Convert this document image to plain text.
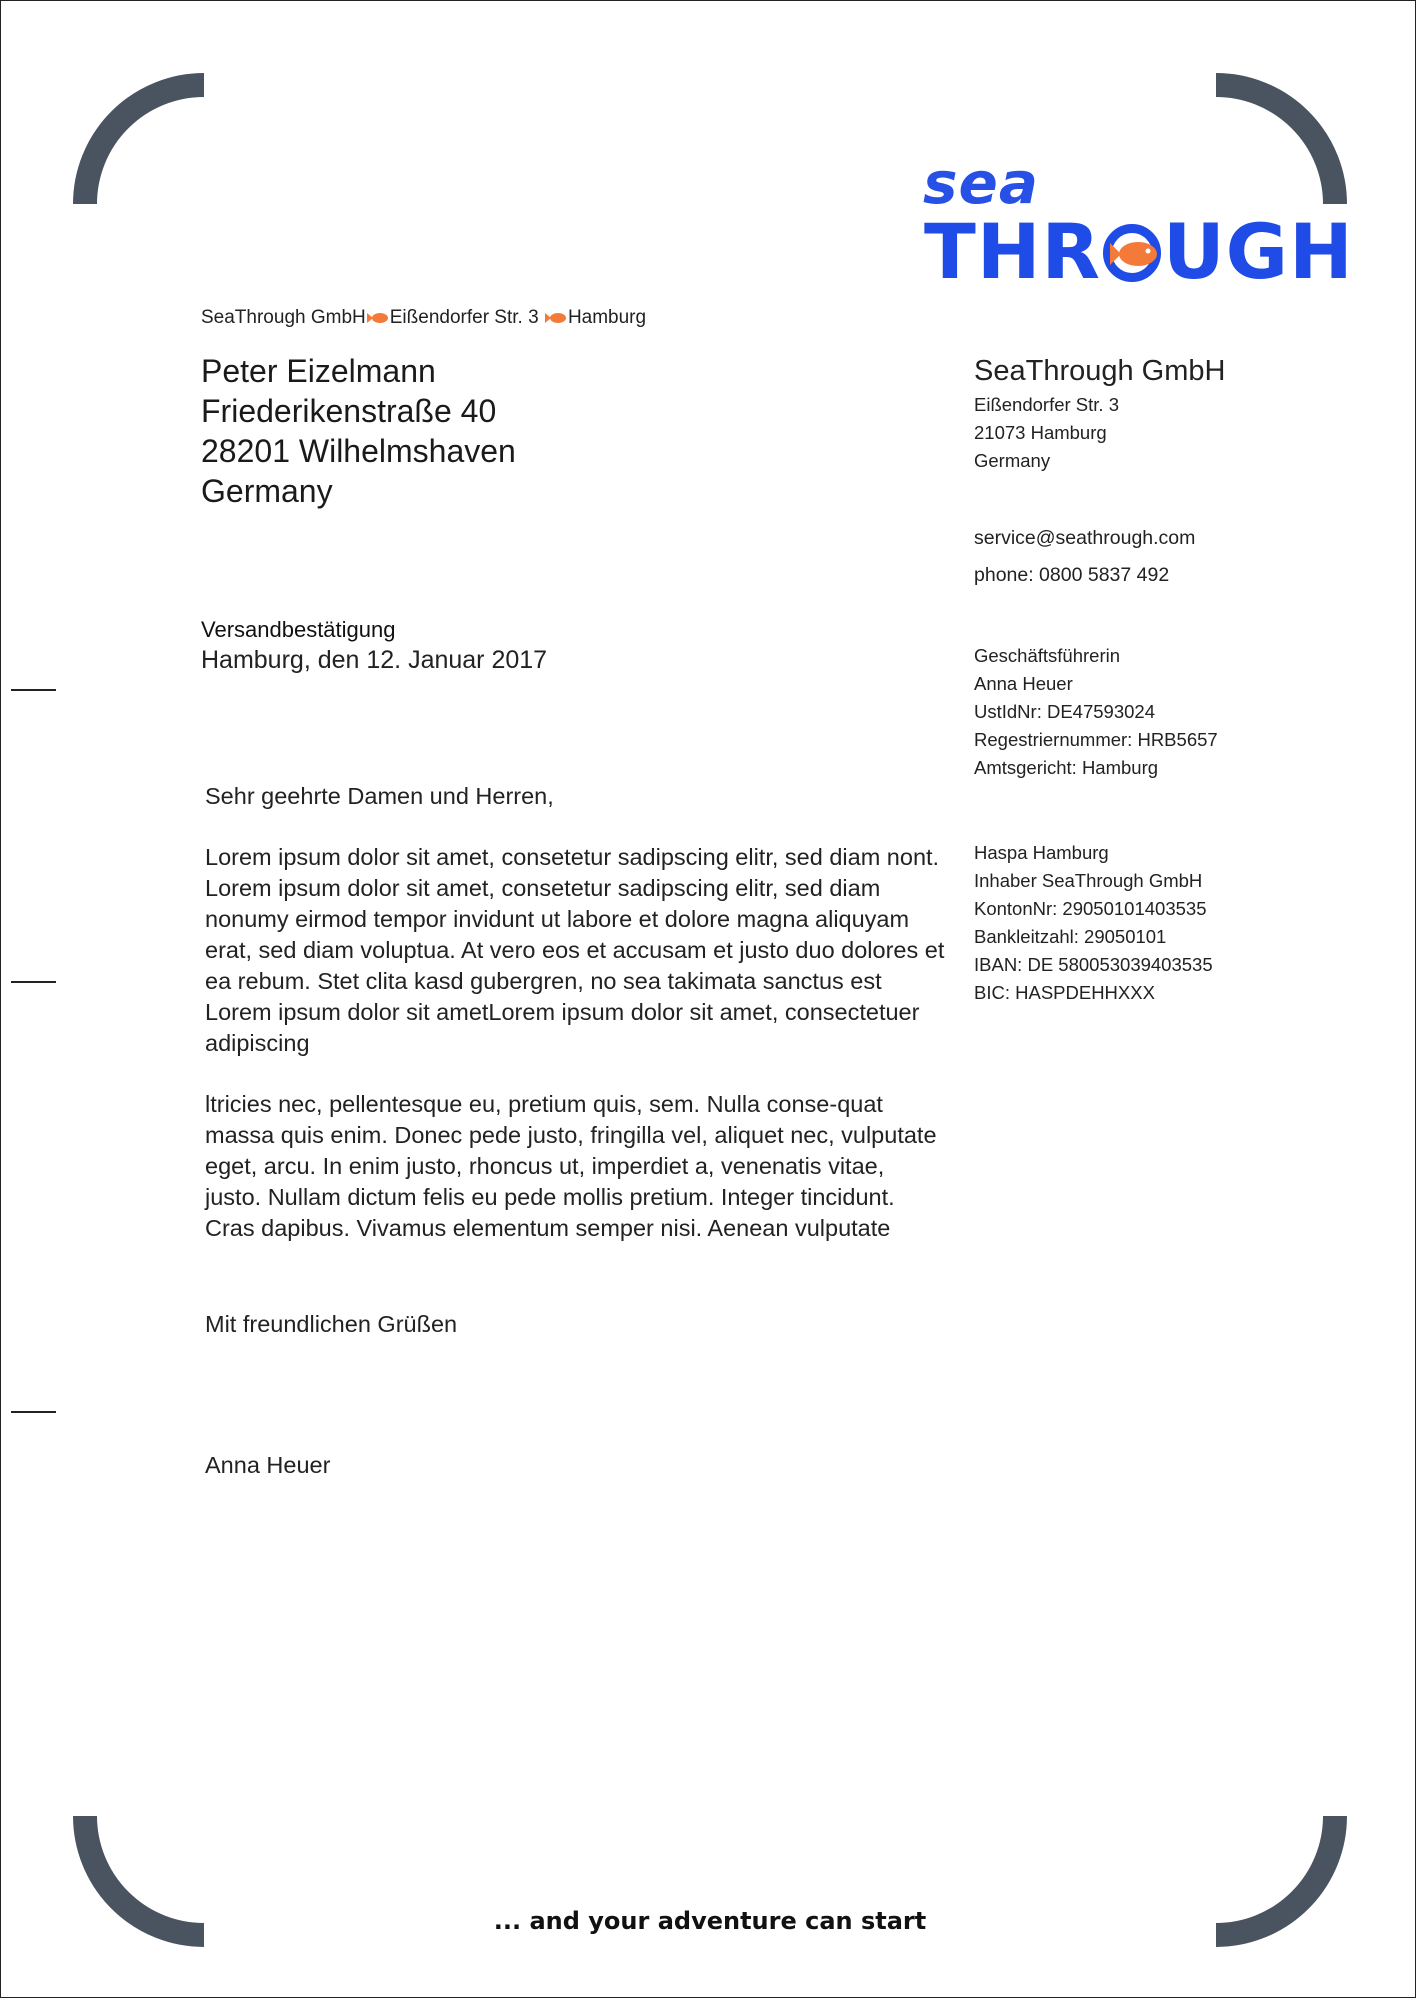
sea
THR UGH
SeaThrough GmbH Eißendorfer Str. 3 Hamburg
Peter Eizelmann
Friederikenstraße 40
28201 Wilhelmshaven
Germany
Versandbestätigung
Hamburg, den 12. Januar 2017

Sehr geehrte Damen und Herren,

Lorem ipsum dolor sit amet, consetetur sadipscing elitr, sed diam nont. Lorem ipsum dolor sit amet, consetetur sadipscing elitr, sed diam nonumy eirmod tempor invidunt ut labore et dolore magna aliquyam erat, sed diam voluptua. At vero eos et accusam et justo duo dolores et ea rebum. Stet clita kasd gubergren, no sea takimata sanctus est Lorem ipsum dolor sit ametLorem ipsum dolor sit amet, consectetuer adipiscing

ltricies nec, pellentesque eu, pretium quis, sem. Nulla conse-quat massa quis enim. Donec pede justo, fringilla vel, aliquet nec, vulputate eget, arcu. In enim justo, rhoncus ut, imperdiet a, venenatis vitae, justo. Nullam dictum felis eu pede mollis pretium. Integer tincidunt. Cras dapibus. Vivamus elementum semper nisi. Aenean vulputate

Mit freundlichen Grüßen
Anna Heuer
SeaThrough GmbH
Eißendorfer Str. 3
21073 Hamburg
Germany
service@seathrough.com
phone: 0800 5837 492
Geschäftsführerin
Anna Heuer
UstIdNr: DE47593024
Regestriernummer: HRB5657
Amtsgericht: Hamburg
Haspa Hamburg
Inhaber SeaThrough GmbH
KontonNr: 29050101403535
Bankleitzahl: 29050101
IBAN: DE 580053039403535
BIC: HASPDEHHXXX
... and your adventure can start
